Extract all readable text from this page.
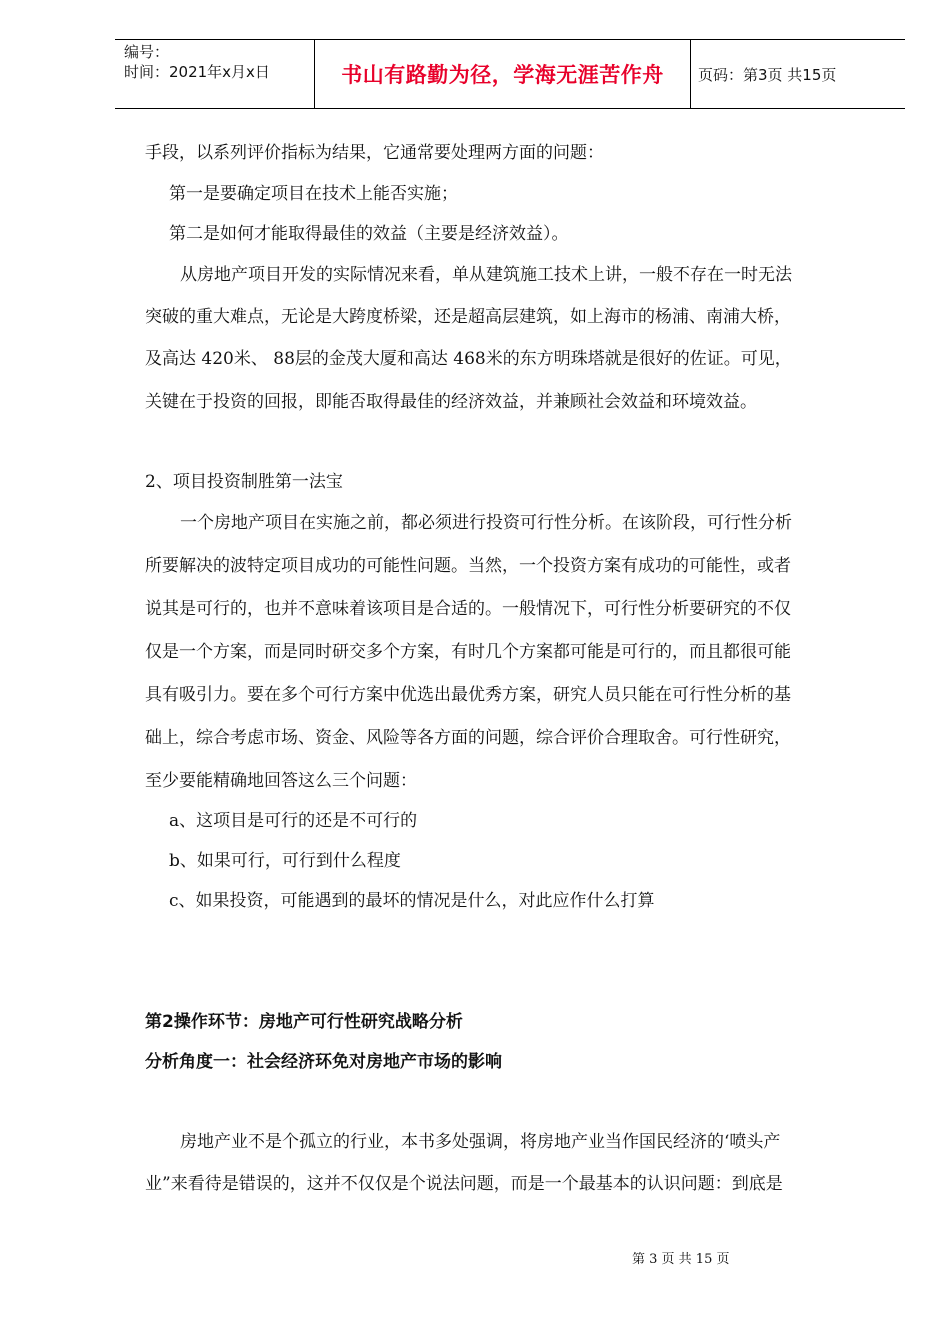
编号：
时间：2021年x月x日	书山有路勤为径，学海无涯苦作舟 页码：第3页 共15页
手段，以系列评价指标为结果，它通常要处理两方面的问题：
第一是要确定项目在技术上能否实施；
第二是如何才能取得最佳的效益（主要是经济效益）。
从房地产项目开发的实际情况来看，单从建筑施工技术上讲，一般不存在一时无法
突破的重大难点，无论是大跨度桥梁，还是超高层建筑，如上海市的杨浦、南浦大桥，
及高达 420米、 88层的金茂大厦和高达 468米的东方明珠塔就是很好的佐证。可见，
关键在于投资的回报，即能否取得最佳的经济效益，并兼顾社会效益和环境效益。
2、项目投资制胜第一法宝
一个房地产项目在实施之前，都必须进行投资可行性分析。在该阶段，可行性分析
所要解决的波特定项目成功的可能性问题。当然，一个投资方案有成功的可能性，或者
说其是可行的，也并不意味着该项目是合适的。一般情况下，可行性分析要研究的不仅
仅是一个方案，而是同时研交多个方案，有时几个方案都可能是可行的，而且都很可能
具有吸引力。要在多个可行方案中优选出最优秀方案，研究人员只能在可行性分析的基
础上，综合考虑市场、资金、风险等各方面的问题，综合评价合理取舍。可行性研究，
至少要能精确地回答这么三个问题：
a、这项目是可行的还是不可行的
b、如果可行，可行到什么程度
c、如果投资，可能遇到的最坏的情况是什么，对此应作什么打算
第2操作环节：房地产可行性研究战略分析
分析角度一：社会经济环免对房地产市场的影响
房地产业不是个孤立的行业，本书多处强调，将房地产业当作国民经济的‘喷头产
业”来看待是错误的，这并不仅仅是个说法问题，而是一个最基本的认识问题：到底是
第 3 页 共 15 页
